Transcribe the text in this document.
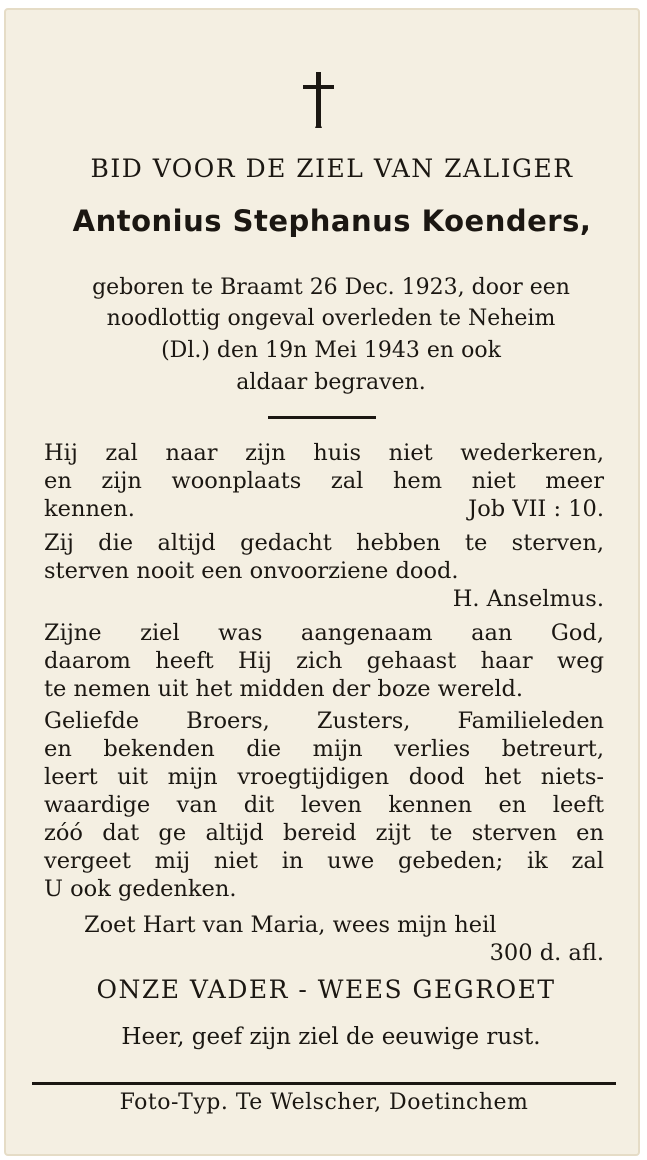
BID VOOR DE ZIEL VAN ZALIGER
Antonius Stephanus Koenders,
geboren te Braamt 26 Dec. 1923, door een
noodlottig ongeval overleden te Neheim
(Dl.) den 19n Mei 1943 en ook
aldaar begraven.
Hij zal naar zijn huis niet wederkeren,
en zijn woonplaats zal hem niet meer
kennen.	Job VII : 10.
Zij die altijd gedacht hebben te sterven,
sterven nooit een onvoorziene dood.
H. Anselmus.
Zijne ziel was aangenaam aan God,
daarom heeft Hij zich gehaast haar weg
te nemen uit het midden der boze wereld.
Geliefde Broers, Zusters, Familieleden
en bekenden die mijn verlies betreurt,
leert uit mijn vroegtijdigen dood het niets-
waardige van dit leven kennen en leeft
zóó dat ge altijd bereid zijt te sterven en
vergeet mij niet in uwe gebeden; ik zal
U ook gedenken.
Zoet Hart van Maria, wees mijn heil
300 d. afl.
ONZE VADER - WEES GEGROET
Heer, geef zijn ziel de eeuwige rust.
Foto-Typ. Te Welscher, Doetinchem
